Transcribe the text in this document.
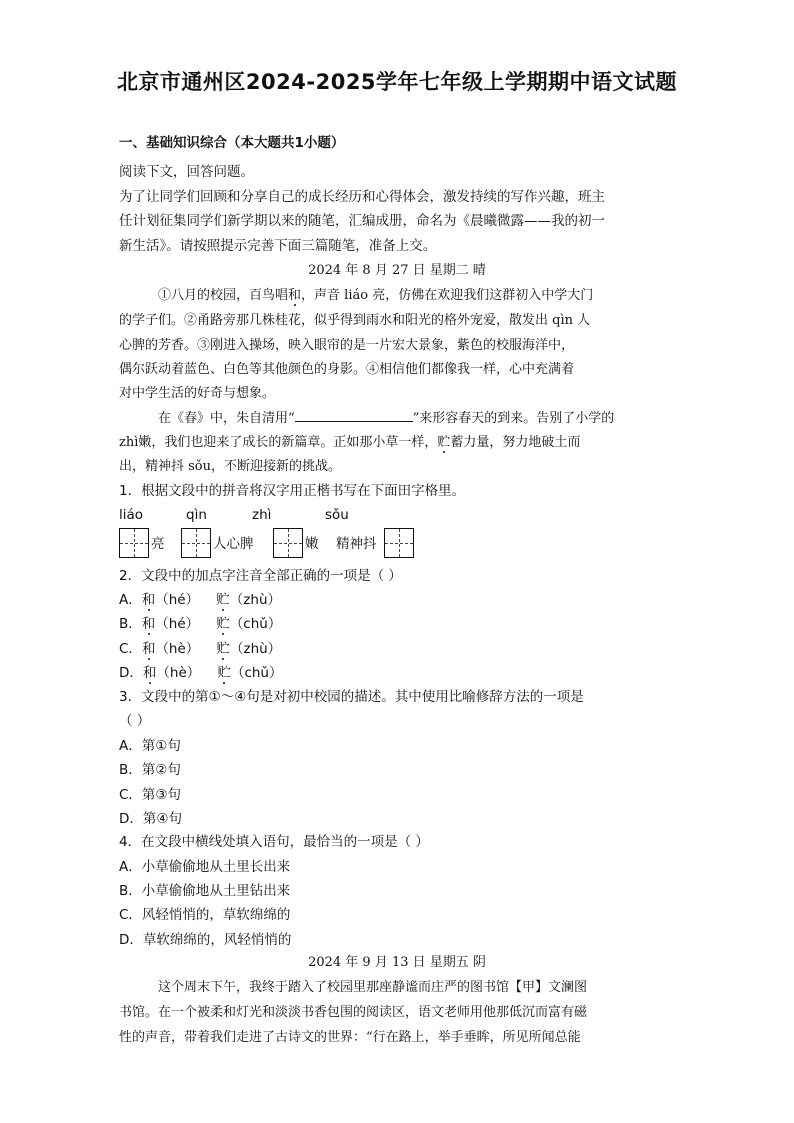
北京市通州区2024-2025学年七年级上学期期中语文试题
一、基础知识综合（本大题共1小题）
阅读下文，回答问题。
为了让同学们回顾和分享自己的成长经历和心得体会，激发持续的写作兴趣，班主
任计划征集同学们新学期以来的随笔，汇编成册，命名为《晨曦微露——我的初一
新生活》。请按照提示完善下面三篇随笔，准备上交。
2024 年 8 月 27 日 星期二 晴
①八月的校园，百鸟唱和，声音 liáo 亮，仿佛在欢迎我们这群初入中学大门
的学子们。②甬路旁那几株桂花，似乎得到雨水和阳光的格外宠爱，散发出 qìn 人
心脾的芳香。③刚进入操场，映入眼帘的是一片宏大景象，紫色的校服海洋中，
偶尔跃动着蓝色、白色等其他颜色的身影。④相信他们都像我一样，心中充满着
对中学生活的好奇与想象。
在《春》中，朱自清用“	”来形容春天的到来。告别了小学的
zhì嫩，我们也迎来了成长的新篇章。正如那小草一样，贮蓄力量，努力地破土而
出，精神抖 sǒu，不断迎接新的挑战。
1．根据文段中的拼音将汉字用正楷书写在下面田字格里。
liáo	qìn	zhì	sǒu
亮	人心脾	嫩 精神抖
2．文段中的加点字注音全部正确的一项是（ ）
A．和（hé） 贮（zhù）
B．和（hé） 贮（chǔ）
C．和（hè） 贮（zhù）
D．和（hè） 贮（chǔ）
3．文段中的第①～④句是对初中校园的描述。其中使用比喻修辞方法的一项是
（ ）
A．第①句
B．第②句
C．第③句
D．第④句
4．在文段中横线处填入语句，最恰当的一项是（ ）
A．小草偷偷地从土里长出来
B．小草偷偷地从土里钻出来
C．风轻悄悄的，草软绵绵的
D．草软绵绵的，风轻悄悄的
2024 年 9 月 13 日 星期五 阴
这个周末下午，我终于踏入了校园里那座静谧而庄严的图书馆【甲】文澜图
书馆。在一个被柔和灯光和淡淡书香包围的阅读区，语文老师用他那低沉而富有磁
性的声音，带着我们走进了古诗文的世界：“行在路上，举手垂眸，所见所闻总能
